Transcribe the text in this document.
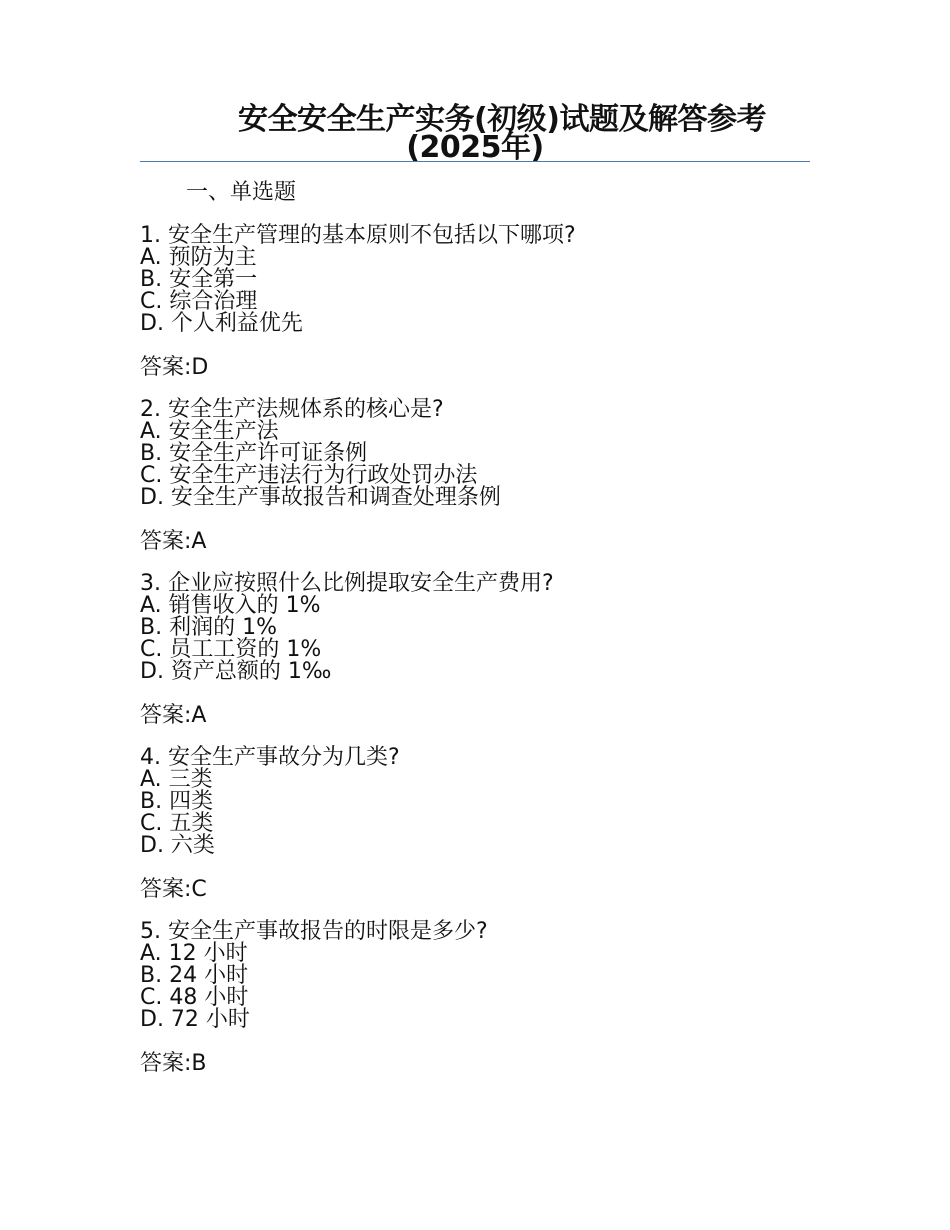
安全安全生产实务(初级)试题及解答参考
(2025年)
一、单选题
1. 安全生产管理的基本原则不包括以下哪项?
A. 预防为主
B. 安全第一
C. 综合治理
D. 个人利益优先
答案:D
2. 安全生产法规体系的核心是?
A. 安全生产法
B. 安全生产许可证条例
C. 安全生产违法行为行政处罚办法
D. 安全生产事故报告和调查处理条例
答案:A
3. 企业应按照什么比例提取安全生产费用?
A. 销售收入的 1%
B. 利润的 1%
C. 员工工资的 1%
D. 资产总额的 1‰
答案:A
4. 安全生产事故分为几类?
A. 三类
B. 四类
C. 五类
D. 六类
答案:C
5. 安全生产事故报告的时限是多少?
A. 12 小时
B. 24 小时
C. 48 小时
D. 72 小时
答案:B
